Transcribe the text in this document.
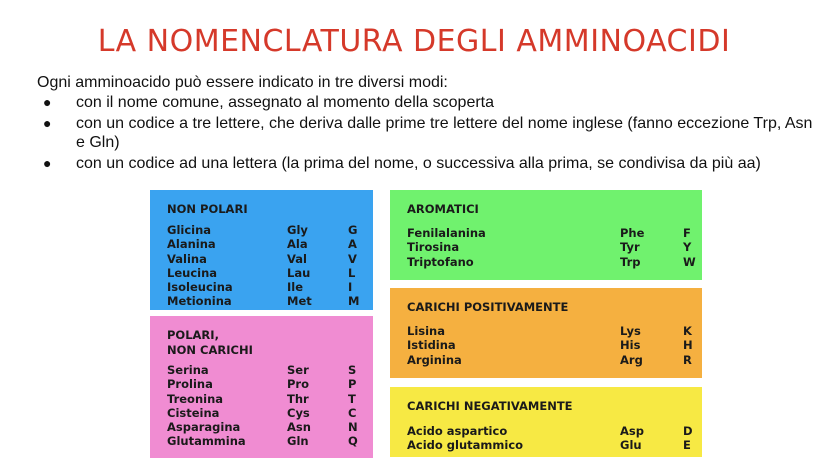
LA NOMENCLATURA DEGLI AMMINOACIDI
Ogni amminoacido può essere indicato in tre diversi modi:
● con il nome comune, assegnato al momento della scoperta
● con un codice a tre lettere, che deriva dalle prime tre lettere del nome inglese (fanno eccezione Trp, Asn e Gln)
● con un codice ad una lettera (la prima del nome, o successiva alla prima, se condivisa da più aa)
NON POLARI
Glicina	Gly	G
Alanina	Ala	A
Valina	Val	V
Leucina	Lau	L
Isoleucina	Ile	I
Metionina	Met	M
POLARI,
NON CARICHI
Serina	Ser	S
Prolina	Pro	P
Treonina	Thr	T
Cisteina	Cys	C
Asparagina	Asn	N
Glutammina	Gln	Q
AROMATICI
Fenilalanina	Phe	F
Tirosina	Tyr	Y
Triptofano	Trp	W
CARICHI POSITIVAMENTE
Lisina	Lys	K
Istidina	His	H
Arginina	Arg	R
CARICHI NEGATIVAMENTE
Acido aspartico	Asp	D
Acido glutammico	Glu	E
